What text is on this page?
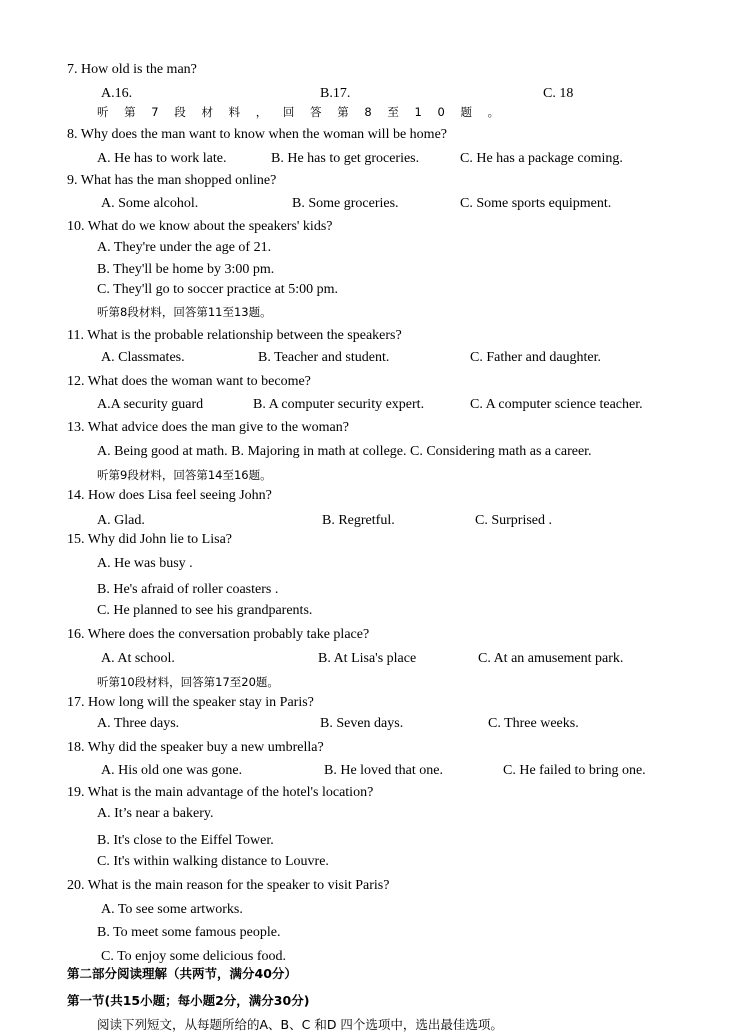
7. How old is the man?
A.16.	B.17.	C. 18
听 第 7 段 材 料 ， 回 答 第 8 至 1 0 题 。
8. Why does the man want to know when the woman will be home?
A. He has to work late.	B. He has to get groceries.	C. He has a package coming.
9. What has the man shopped online?
A. Some alcohol.	B. Some groceries.	C. Some sports equipment.
10. What do we know about the speakers' kids?
A. They're under the age of 21.
B. They'll be home by 3:00 pm.
C. They'll go to soccer practice at 5:00 pm.
听第8段材料，回答第11至13题。
11. What is the probable relationship between the speakers?
A. Classmates.	B. Teacher and student.	C. Father and daughter.
12. What does the woman want to become?
A.A security guard	B. A computer security expert.	C. A computer science teacher.
13. What advice does the man give to the woman?
A. Being good at math. B. Majoring in math at college. C. Considering math as a career.
听第9段材料，回答第14至16题。
14. How does Lisa feel seeing John?
A. Glad.	B. Regretful.	C. Surprised .
15. Why did John lie to Lisa?
A. He was busy .
B. He's afraid of roller coasters .
C. He planned to see his grandparents.
16. Where does the conversation probably take place?
A. At school.	B. At Lisa's place	C. At an amusement park.
听第10段材料，回答第17至20题。
17. How long will the speaker stay in Paris?
A. Three days.	B. Seven days.	C. Three weeks.
18. Why did the speaker buy a new umbrella?
A. His old one was gone.	B. He loved that one.	C. He failed to bring one.
19. What is the main advantage of the hotel's location?
A. It’s near a bakery.
B. It's close to the Eiffel Tower.
C. It's within walking distance to Louvre.
20. What is the main reason for the speaker to visit Paris?
A. To see some artworks.
B. To meet some famous people.
C. To enjoy some delicious food.
第二部分阅读理解（共两节，满分40分）
第一节(共15小题；每小题2分，满分30分)
阅读下列短文，从每题所给的A、B、C 和D 四个选项中，选出最佳选项。
